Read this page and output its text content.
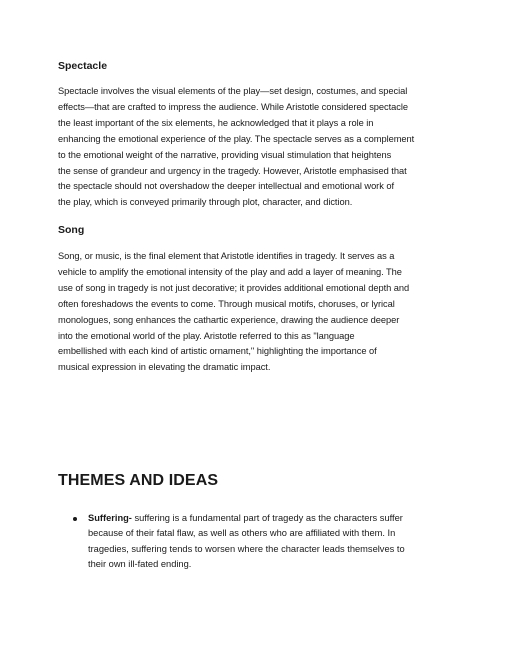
Spectacle

Spectacle involves the visual elements of the play—set design, costumes, and special
effects—that are crafted to impress the audience. While Aristotle considered spectacle
the least important of the six elements, he acknowledged that it plays a role in
enhancing the emotional experience of the play. The spectacle serves as a complement
to the emotional weight of the narrative, providing visual stimulation that heightens
the sense of grandeur and urgency in the tragedy. However, Aristotle emphasised that
the spectacle should not overshadow the deeper intellectual and emotional work of
the play, which is conveyed primarily through plot, character, and diction.

Song

Song, or music, is the final element that Aristotle identifies in tragedy. It serves as a
vehicle to amplify the emotional intensity of the play and add a layer of meaning. The
use of song in tragedy is not just decorative; it provides additional emotional depth and
often foreshadows the events to come. Through musical motifs, choruses, or lyrical
monologues, song enhances the cathartic experience, drawing the audience deeper
into the emotional world of the play. Aristotle referred to this as "language
embellished with each kind of artistic ornament," highlighting the importance of
musical expression in elevating the dramatic impact.

THEMES AND IDEAS
Suffering- suffering is a fundamental part of tragedy as the characters suffer
because of their fatal flaw, as well as others who are affiliated with them. In
tragedies, suffering tends to worsen where the character leads themselves to
their own ill-fated ending.
